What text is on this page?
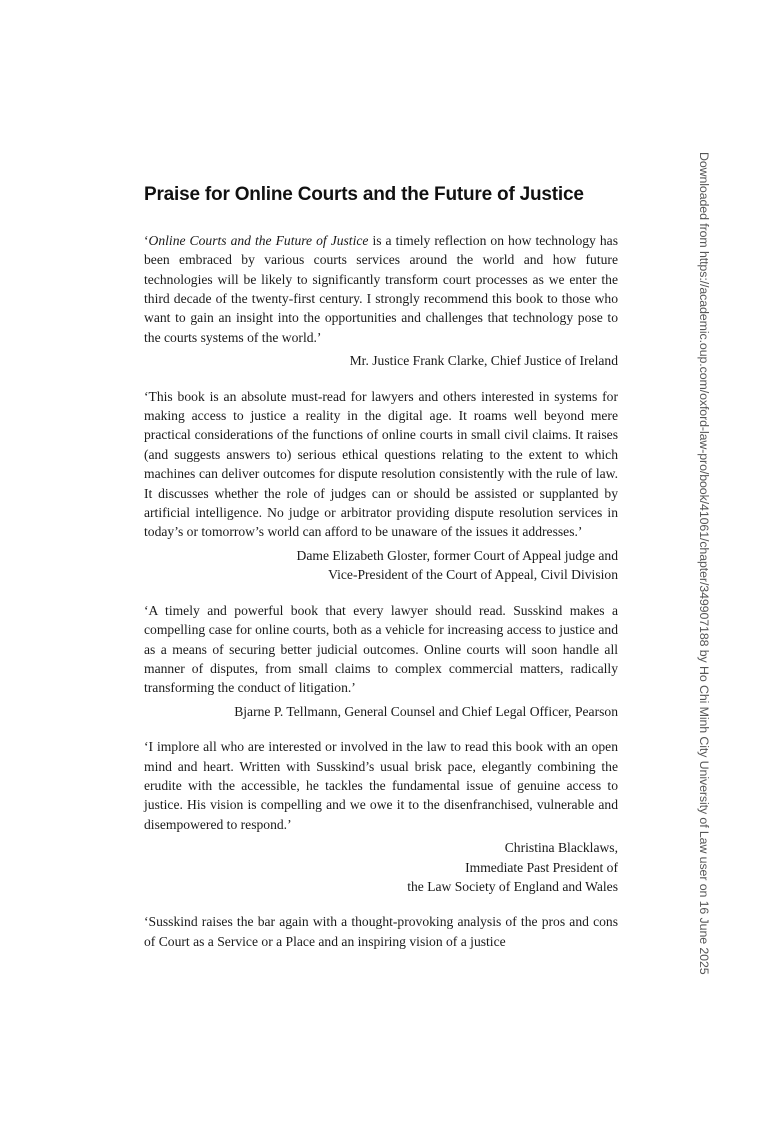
Praise for Online Courts and the Future of Justice

‘Online Courts and the Future of Justice is a timely reflection on how technology has been embraced by various courts services around the world and how future technologies will be likely to significantly transform court processes as we enter the third decade of the twenty-first century. I strongly recommend this book to those who want to gain an insight into the opportunities and challenges that technology pose to the courts systems of the world.’

Mr. Justice Frank Clarke, Chief Justice of Ireland

‘This book is an absolute must-read for lawyers and others interested in systems for making access to justice a reality in the digital age. It roams well beyond mere practical considerations of the functions of online courts in small civil claims. It raises (and suggests answers to) serious ethical questions relating to the extent to which machines can deliver outcomes for dispute resolution consistently with the rule of law. It discusses whether the role of judges can or should be assisted or supplanted by artificial intelligence. No judge or arbitrator providing dispute resolution services in today’s or tomorrow’s world can afford to be unaware of the issues it addresses.’

Dame Elizabeth Gloster, former Court of Appeal judge and
Vice-President of the Court of Appeal, Civil Division

‘A timely and powerful book that every lawyer should read. Susskind makes a compelling case for online courts, both as a vehicle for increasing access to justice and as a means of securing better judicial outcomes. Online courts will soon handle all manner of disputes, from small claims to complex commercial matters, radically transforming the conduct of litigation.’

Bjarne P. Tellmann, General Counsel and Chief Legal Officer, Pearson

‘I implore all who are interested or involved in the law to read this book with an open mind and heart. Written with Susskind’s usual brisk pace, elegantly combining the erudite with the accessible, he tackles the fundamental issue of genuine access to justice. His vision is compelling and we owe it to the disenfranchised, vulnerable and disempowered to respond.’

Christina Blacklaws,
Immediate Past President of
the Law Society of England and Wales

‘Susskind raises the bar again with a thought-provoking analysis of the pros and cons of Court as a Service or a Place and an inspiring vision of a justice	Downloaded from https://academic.oup.com/oxford-law-pro/book/41061/chapter/349907188 by Ho Chi Minh City University of Law user on 16 June 2025
